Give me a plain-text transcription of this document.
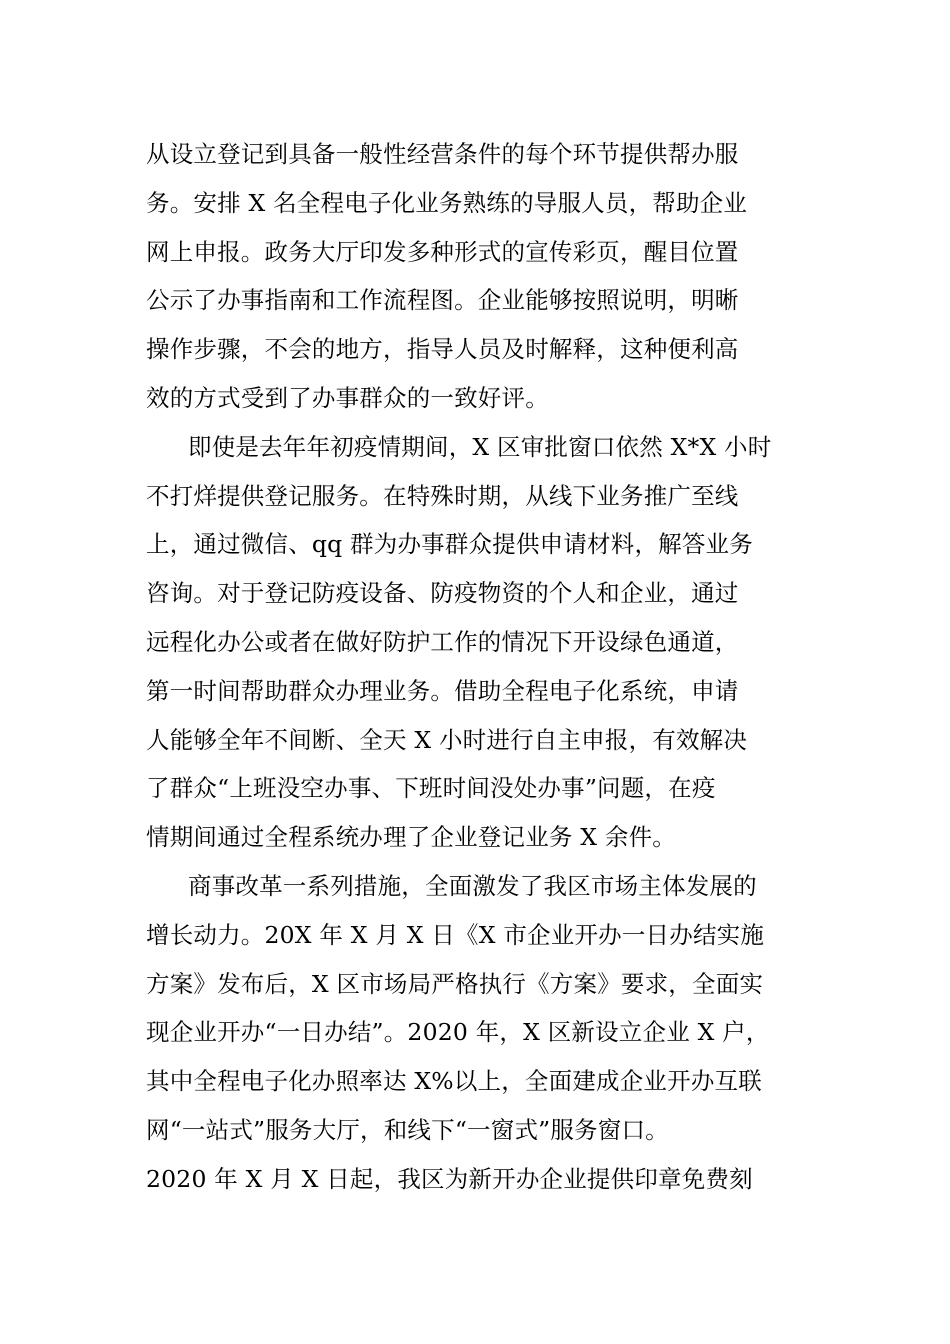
从设立登记到具备一般性经营条件的每个环节提供帮办服
务。安排 X 名全程电子化业务熟练的导服人员，帮助企业
网上申报。政务大厅印发多种形式的宣传彩页，醒目位置
公示了办事指南和工作流程图。企业能够按照说明，明晰
操作步骤，不会的地方，指导人员及时解释，这种便利高
效的方式受到了办事群众的一致好评。
即使是去年年初疫情期间，X 区审批窗口依然 X*X 小时
不打烊提供登记服务。在特殊时期，从线下业务推广至线
上，通过微信、qq 群为办事群众提供申请材料，解答业务
咨询。对于登记防疫设备、防疫物资的个人和企业，通过
远程化办公或者在做好防护工作的情况下开设绿色通道，
第一时间帮助群众办理业务。借助全程电子化系统，申请
人能够全年不间断、全天 X 小时进行自主申报，有效解决
了群众“上班没空办事、下班时间没处办事”问题，在疫
情期间通过全程系统办理了企业登记业务 X 余件。
商事改革一系列措施，全面激发了我区市场主体发展的
增长动力。20X 年 X 月 X 日《X 市企业开办一日办结实施
方案》发布后，X 区市场局严格执行《方案》要求，全面实
现企业开办“一日办结”。2020 年，X 区新设立企业 X 户，
其中全程电子化办照率达 X%以上，全面建成企业开办互联
网“一站式”服务大厅，和线下“一窗式”服务窗口。
2020 年 X 月 X 日起，我区为新开办企业提供印章免费刻
